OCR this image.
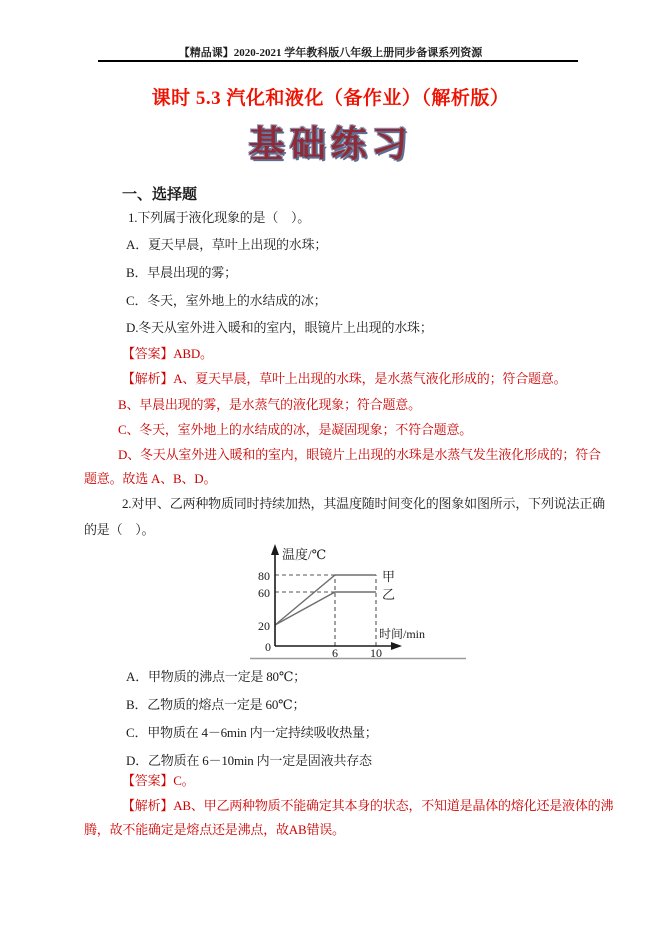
【精品课】2020-2021 学年教科版八年级上册同步备课系列资源
课时 5.3 汽化和液化（备作业）（解析版）
基础练习
一、选择题
1.下列属于液化现象的是（　）。
A．夏天早晨，草叶上出现的水珠；
B．早晨出现的雾；
C．冬天，室外地上的水结成的冰；
D.冬天从室外进入暖和的室内，眼镜片上出现的水珠；
【答案】ABD。
【解析】A、夏天早晨，草叶上出现的水珠，是水蒸气液化形成的；符合题意。
B、早晨出现的雾，是水蒸气的液化现象；符合题意。
C、冬天，室外地上的水结成的冰，是凝固现象；不符合题意。
D、冬天从室外进入暖和的室内，眼镜片上出现的水珠是水蒸气发生液化形成的；符合
题意。故选 A、B、D。
2.对甲、乙两种物质同时持续加热，其温度随时间变化的图象如图所示，下列说法正确
的是（　）。
温度/℃
时间/min
80
60
20
0	6	10
甲
乙
A．甲物质的沸点一定是 80℃；
B．乙物质的熔点一定是 60℃；
C．甲物质在 4－6min 内一定持续吸收热量；
D．乙物质在 6－10min 内一定是固液共存态
【答案】C。
【解析】AB、甲乙两种物质不能确定其本身的状态，不知道是晶体的熔化还是液体的沸
腾，故不能确定是熔点还是沸点，故AB错误。
